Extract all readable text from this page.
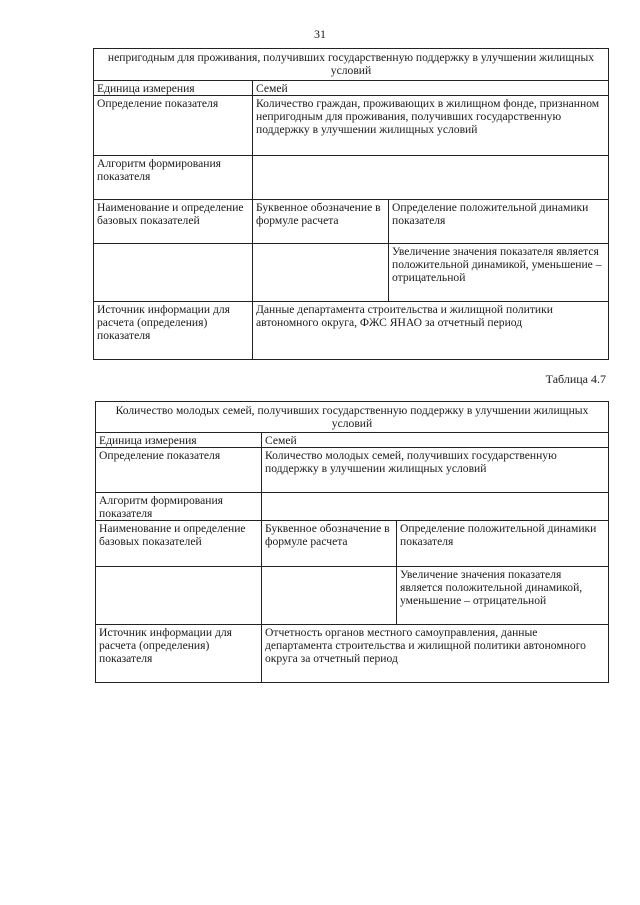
31
непригодным для проживания, получивших государственную поддержку в улучшении жилищных условий		
Единица измерения	Семей	
Определение показателя	Количество граждан, проживающих в жилищном фонде, признанном непригодным для проживания, получивших государственную поддержку в улучшении жилищных условий	
Алгоритм формирования показателя		
Наименование и определение базовых показателей	Буквенное обозначение в формуле расчета	Определение положительной динамики показателя
		Увеличение значения показателя является положительной динамикой, уменьшение – отрицательной
Источник информации для расчета (определения) показателя	Данные департамента строительства и жилищной политики автономного округа, ФЖС ЯНАО за отчетный период	
Таблица 4.7
Количество молодых семей, получивших государственную поддержку в улучшении жилищных условий		
Единица измерения	Семей	
Определение показателя	Количество молодых семей, получивших государственную поддержку в улучшении жилищных условий	
Алгоритм формирования показателя		
Наименование и определение базовых показателей	Буквенное обозначение в формуле расчета	Определение положительной динамики показателя
		Увеличение значения показателя является положительной динамикой, уменьшение – отрицательной
Источник информации для расчета (определения) показателя	Отчетность органов местного самоуправления, данные департамента строительства и жилищной политики автономного округа за отчетный период	
